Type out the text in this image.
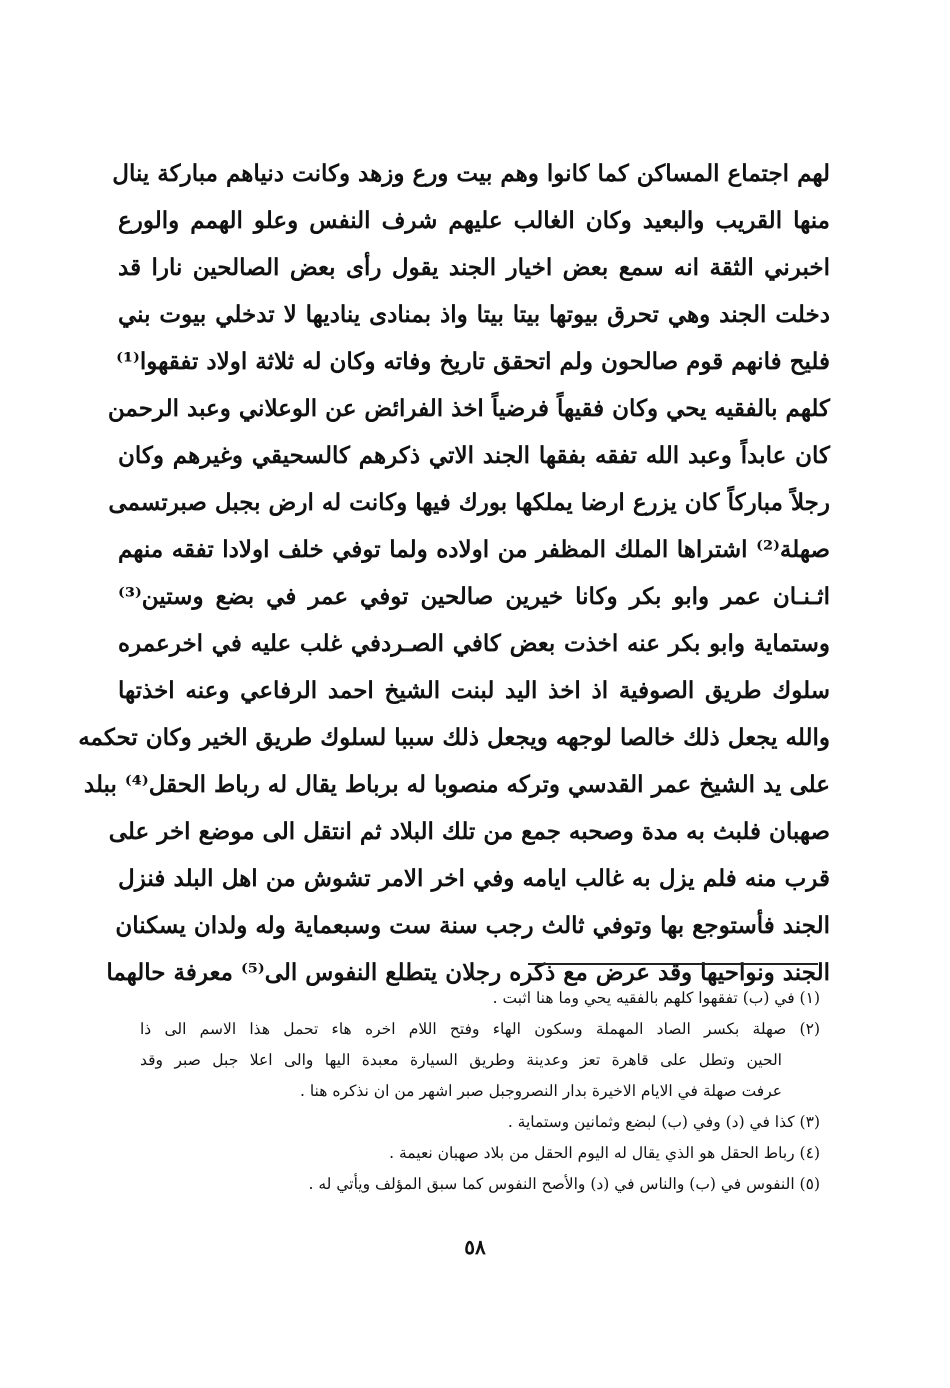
لهم اجتماع المساكن كما كانوا وهم بيت ورع وزهد وكانت دنياهم مباركة ينال
منها القريب والبعيد وكان الغالب عليهم شرف النفس وعلو الهمم والورع
اخبرني الثقة انه سمع بعض اخيار الجند يقول رأى بعض الصالحين نارا قد
دخلت الجند وهي تحرق بيوتها بيتا بيتا واذ بمنادى يناديها لا تدخلي بيوت بني
فليح فانهم قوم صالحون ولم اتحقق تاريخ وفاته وكان له ثلاثة اولاد تفقهوا⁽¹⁾
كلهم بالفقيه يحي وكان فقيهاً فرضياً اخذ الفرائض عن الوعلاني وعبد الرحمن
كان عابداً وعبد الله تفقه بفقها الجند الاتي ذكرهم كالسحيقي وغيرهم وكان
رجلاً مباركاً كان يزرع ارضا يملكها بورك فيها وكانت له ارض بجبل صبرتسمى
صهلة⁽²⁾ اشتراها الملك المظفر من اولاده ولما توفي خلف اولادا تفقه منهم
اثـنـان عمر وابو بكر وكانا خيرين صالحين توفي عمر في بضع وستين⁽³⁾
وستماية وابو بكر عنه اخذت بعض كافي الصـردفي غلب عليه في اخرعمره
سلوك طريق الصوفية اذ اخذ اليد لبنت الشيخ احمد الرفاعي وعنه اخذتها
والله يجعل ذلك خالصا لوجهه ويجعل ذلك سببا لسلوك طريق الخير وكان تحكمه
على يد الشيخ عمر القدسي وتركه منصوبا له برباط يقال له رباط الحقل⁽⁴⁾ ببلد
صهبان فلبث به مدة وصحبه جمع من تلك البلاد ثم انتقل الى موضع اخر على
قرب منه فلم يزل به غالب ايامه وفي اخر الامر تشوش من اهل البلد فنزل
الجند فأستوجع بها وتوفي ثالث رجب سنة ست وسبعماية وله ولدان يسكنان
الجند ونواحيها وقد عرض مع ذكره رجلان يتطلع النفوس الى⁽⁵⁾ معرفة حالهما
(١) في (ب) تفقهوا كلهم بالفقيه يحي وما هنا اثبت .
(٢) صهلة بكسر الصاد المهملة وسكون الهاء وفتح اللام اخره هاء تحمل هذا الاسم الى ذا
الحين وتطل على قاهرة تعز وعدينة وطريق السيارة معبدة اليها والى اعلا جبل صبر وقد
عرفت صهلة في الايام الاخيرة بدار النصروجبل صبر اشهر من ان نذكره هنا .
(٣) كذا في (د) وفي (ب) لبضع وثمانين وستماية .
(٤) رباط الحقل هو الذي يقال له اليوم الحقل من بلاد صهبان نعيمة .
(٥) النفوس في (ب) والناس في (د) والأصح النفوس كما سبق المؤلف ويأتي له .
٥٨
